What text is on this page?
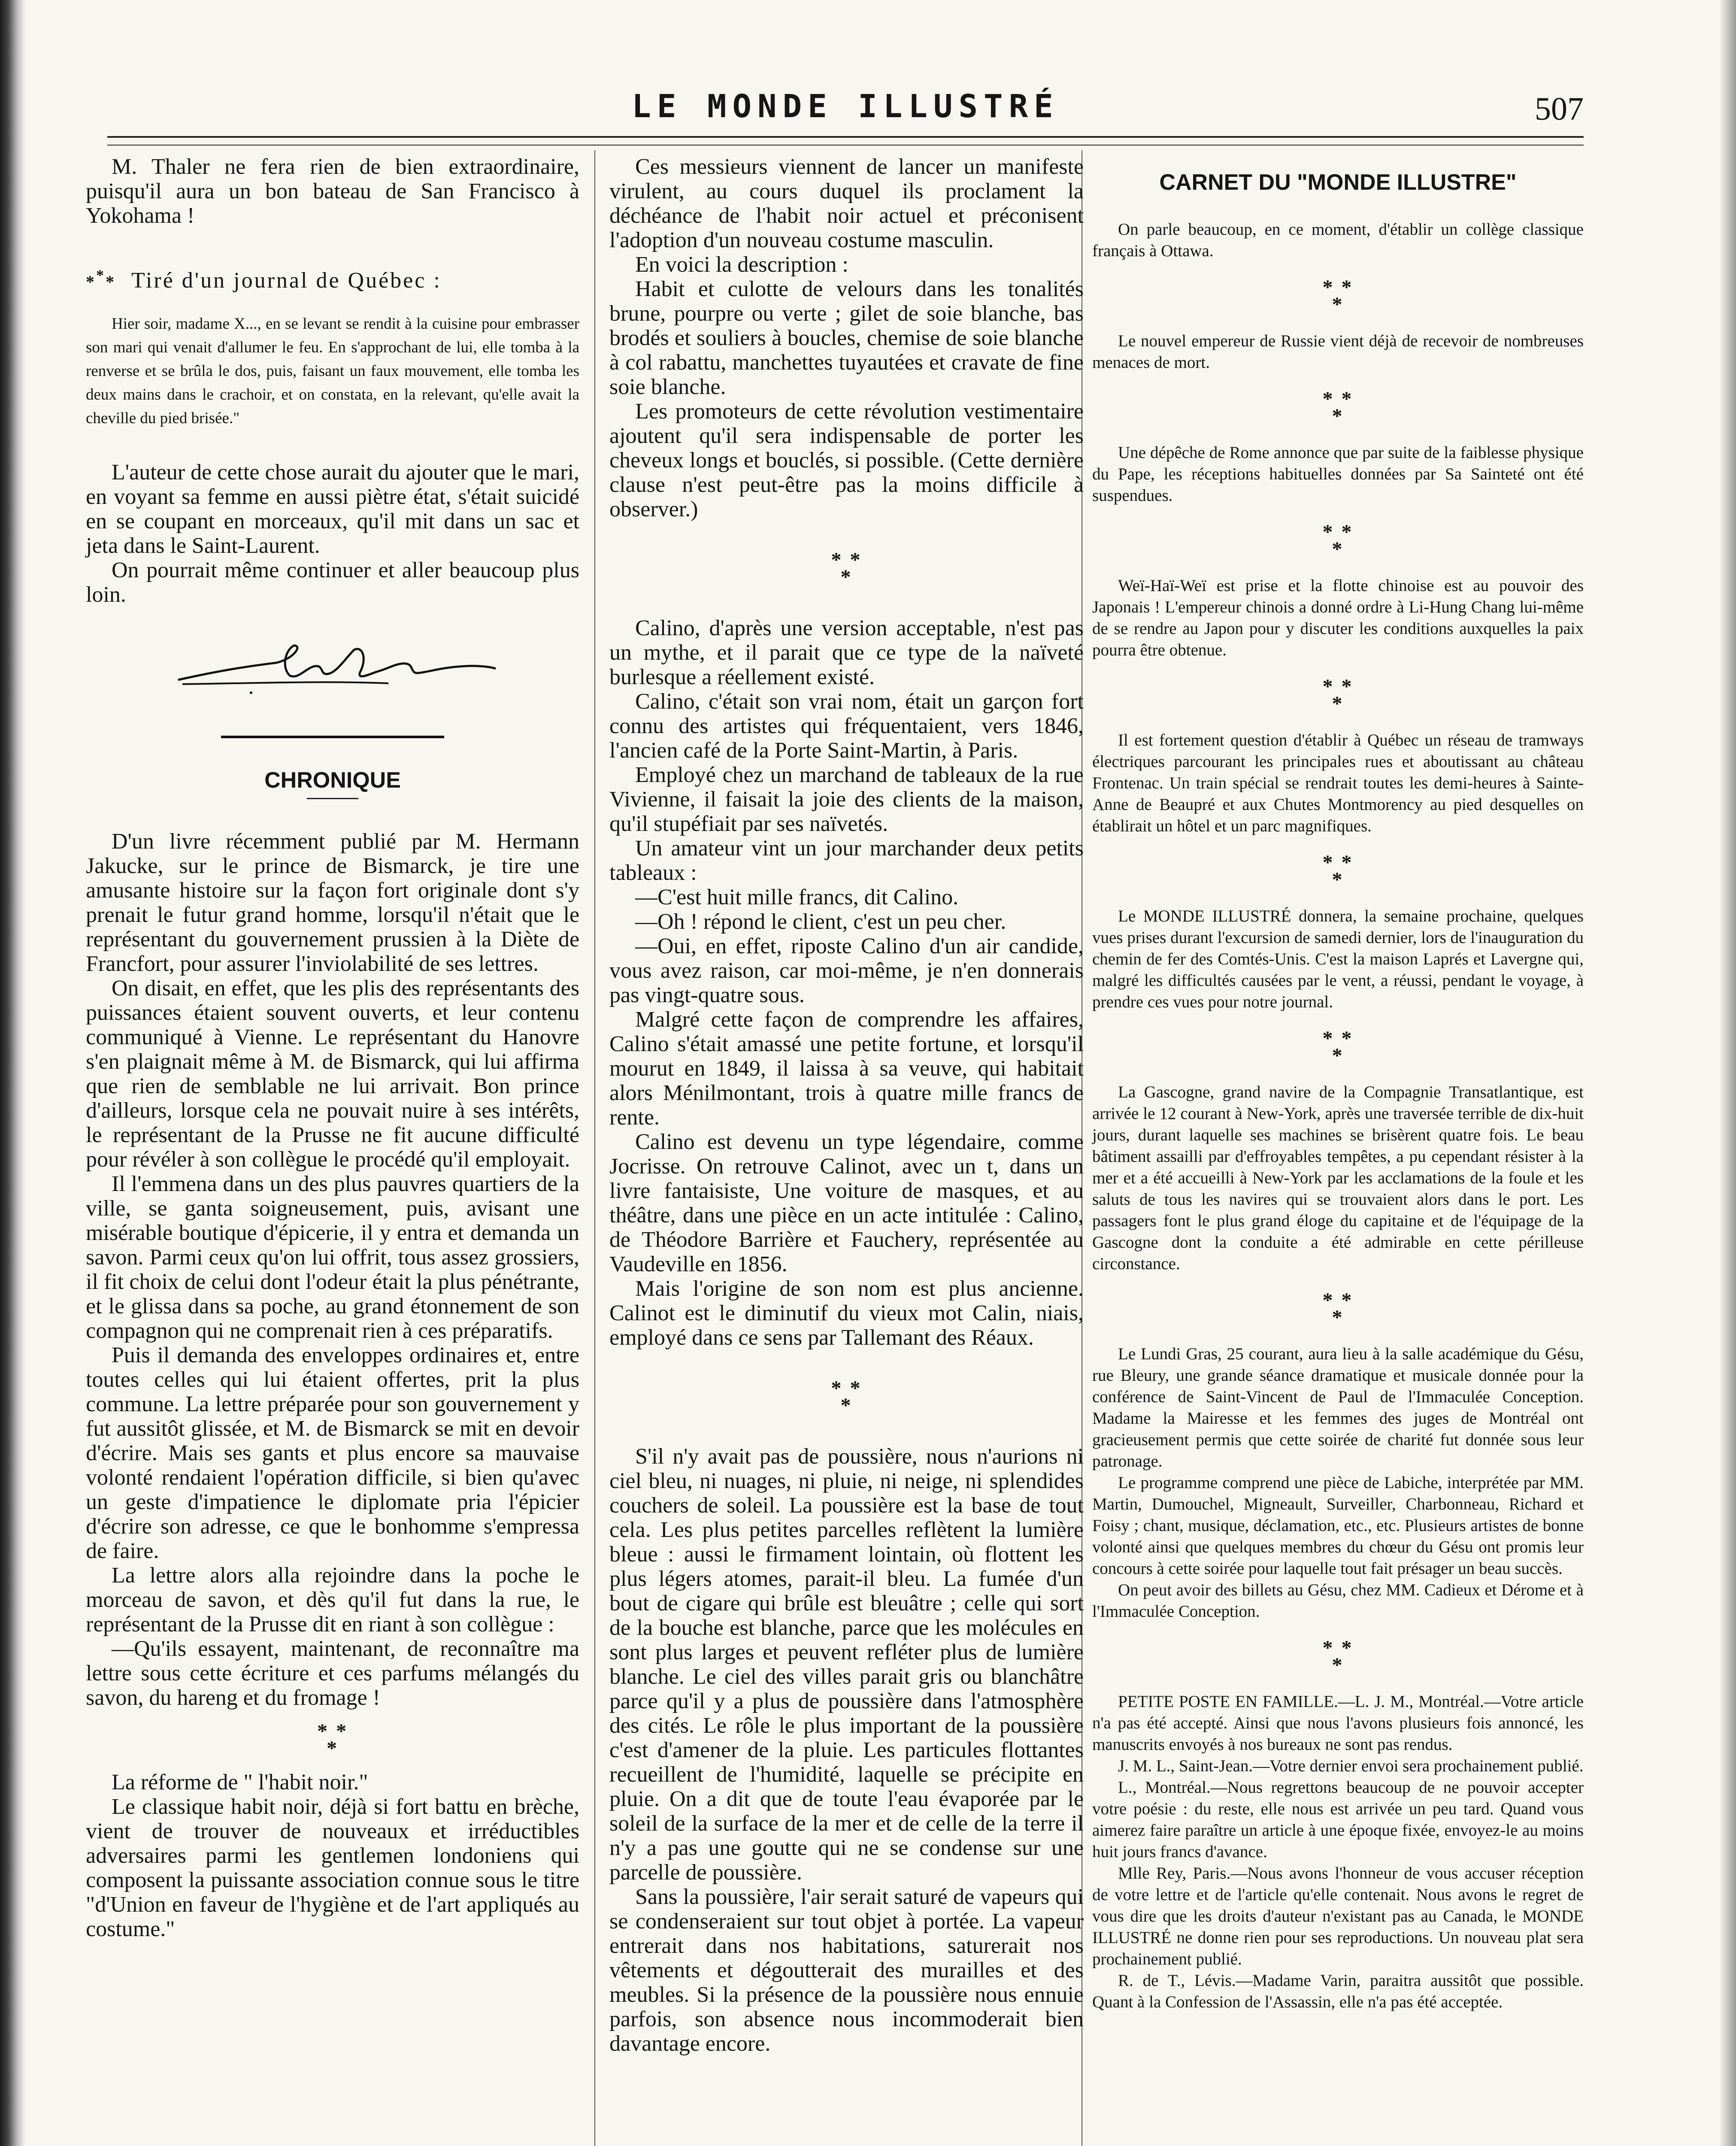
LE MONDE ILLUSTRÉ	507

M. Thaler ne fera rien de bien extraordinaire, puisqu'il aura un bon bateau de San Francisco à Yokohama !

*** Tiré d'un journal de Québec :

Hier soir, madame X..., en se levant se rendit à la cuisine pour embrasser son mari qui venait d'allumer le feu. En s'approchant de lui, elle tomba à la renverse et se brûla le dos, puis, faisant un faux mouvement, elle tomba les deux mains dans le crachoir, et on constata, en la relevant, qu'elle avait la cheville du pied brisée."

L'auteur de cette chose aurait du ajouter que le mari, en voyant sa femme en aussi piètre état, s'était suicidé en se coupant en morceaux, qu'il mit dans un sac et jeta dans le Saint-Laurent.

On pourrait même continuer et aller beaucoup plus loin.

CHRONIQUE

D'un livre récemment publié par M. Hermann Jakucke, sur le prince de Bismarck, je tire une amusante histoire sur la façon fort originale dont s'y prenait le futur grand homme, lorsqu'il n'était que le représentant du gouvernement prussien à la Diète de Francfort, pour assurer l'inviolabilité de ses lettres.

On disait, en effet, que les plis des représentants des puissances étaient souvent ouverts, et leur contenu communiqué à Vienne. Le représentant du Hanovre s'en plaignait même à M. de Bismarck, qui lui affirma que rien de semblable ne lui arrivait. Bon prince d'ailleurs, lorsque cela ne pouvait nuire à ses intérêts, le représentant de la Prusse ne fit aucune difficulté pour révéler à son collègue le procédé qu'il employait.

Il l'emmena dans un des plus pauvres quartiers de la ville, se ganta soigneusement, puis, avisant une misérable boutique d'épicerie, il y entra et demanda un savon. Parmi ceux qu'on lui offrit, tous assez grossiers, il fit choix de celui dont l'odeur était la plus pénétrante, et le glissa dans sa poche, au grand étonnement de son compagnon qui ne comprenait rien à ces préparatifs.

Puis il demanda des enveloppes ordinaires et, entre toutes celles qui lui étaient offertes, prit la plus commune. La lettre préparée pour son gouvernement y fut aussitôt glissée, et M. de Bismarck se mit en devoir d'écrire. Mais ses gants et plus encore sa mauvaise volonté rendaient l'opération difficile, si bien qu'avec un geste d'impatience le diplomate pria l'épicier d'écrire son adresse, ce que le bonhomme s'empressa de faire.

La lettre alors alla rejoindre dans la poche le morceau de savon, et dès qu'il fut dans la rue, le représentant de la Prusse dit en riant à son collègue :

—Qu'ils essayent, maintenant, de reconnaître ma lettre sous cette écriture et ces parfums mélangés du savon, du hareng et du fromage !

* *
*

La réforme de " l'habit noir."

Le classique habit noir, déjà si fort battu en brèche, vient de trouver de nouveaux et irréductibles adversaires parmi les gentlemen londoniens qui composent la puissante association connue sous le titre "d'Union en faveur de l'hygiène et de l'art appliqués au costume."

Ces messieurs viennent de lancer un manifeste virulent, au cours duquel ils proclament la déchéance de l'habit noir actuel et préconisent l'adoption d'un nouveau costume masculin.

En voici la description :

Habit et culotte de velours dans les tonalités brune, pourpre ou verte ; gilet de soie blanche, bas brodés et souliers à boucles, chemise de soie blanche à col rabattu, manchettes tuyautées et cravate de fine soie blanche.

Les promoteurs de cette révolution vestimentaire ajoutent qu'il sera indispensable de porter les cheveux longs et bouclés, si possible. (Cette dernière clause n'est peut-être pas la moins difficile à observer.)

* *
*

Calino, d'après une version acceptable, n'est pas un mythe, et il parait que ce type de la naïveté burlesque a réellement existé.

Calino, c'était son vrai nom, était un garçon fort connu des artistes qui fréquentaient, vers 1846, l'ancien café de la Porte Saint-Martin, à Paris.

Employé chez un marchand de tableaux de la rue Vivienne, il faisait la joie des clients de la maison, qu'il stupéfiait par ses naïvetés.

Un amateur vint un jour marchander deux petits tableaux :

—C'est huit mille francs, dit Calino.

—Oh ! répond le client, c'est un peu cher.

—Oui, en effet, riposte Calino d'un air candide, vous avez raison, car moi-même, je n'en donnerais pas vingt-quatre sous.

Malgré cette façon de comprendre les affaires, Calino s'était amassé une petite fortune, et lorsqu'il mourut en 1849, il laissa à sa veuve, qui habitait alors Ménilmontant, trois à quatre mille francs de rente.

Calino est devenu un type légendaire, comme Jocrisse. On retrouve Calinot, avec un t, dans un livre fantaisiste, Une voiture de masques, et au théâtre, dans une pièce en un acte intitulée : Calino, de Théodore Barrière et Fauchery, représentée au Vaudeville en 1856.

Mais l'origine de son nom est plus ancienne. Calinot est le diminutif du vieux mot Calin, niais, employé dans ce sens par Tallemant des Réaux.

* *
*

S'il n'y avait pas de poussière, nous n'aurions ni ciel bleu, ni nuages, ni pluie, ni neige, ni splendides couchers de soleil. La poussière est la base de tout cela. Les plus petites parcelles reflètent la lumière bleue : aussi le firmament lointain, où flottent les plus légers atomes, parait-il bleu. La fumée d'un bout de cigare qui brûle est bleuâtre ; celle qui sort de la bouche est blanche, parce que les molécules en sont plus larges et peuvent refléter plus de lumière blanche. Le ciel des villes parait gris ou blanchâtre parce qu'il y a plus de poussière dans l'atmosphère des cités. Le rôle le plus important de la poussière c'est d'amener de la pluie. Les particules flottantes recueillent de l'humidité, laquelle se précipite en pluie. On a dit que de toute l'eau évaporée par le soleil de la surface de la mer et de celle de la terre il n'y a pas une goutte qui ne se condense sur une parcelle de poussière.

Sans la poussière, l'air serait saturé de vapeurs qui se condenseraient sur tout objet à portée. La vapeur entrerait dans nos habitations, saturerait nos vêtements et dégoutterait des murailles et des meubles. Si la présence de la poussière nous ennuie parfois, son absence nous incommoderait bien davantage encore.

CARNET DU "MONDE ILLUSTRE"

On parle beaucoup, en ce moment, d'établir un collège classique français à Ottawa.

* *
*

Le nouvel empereur de Russie vient déjà de recevoir de nombreuses menaces de mort.

* *
*

Une dépêche de Rome annonce que par suite de la faiblesse physique du Pape, les réceptions habituelles données par Sa Sainteté ont été suspendues.

* *
*

Weï-Haï-Weï est prise et la flotte chinoise est au pouvoir des Japonais ! L'empereur chinois a donné ordre à Li-Hung Chang lui-même de se rendre au Japon pour y discuter les conditions auxquelles la paix pourra être obtenue.

* *
*

Il est fortement question d'établir à Québec un réseau de tramways électriques parcourant les principales rues et aboutissant au château Frontenac. Un train spécial se rendrait toutes les demi-heures à Sainte-Anne de Beaupré et aux Chutes Montmorency au pied desquelles on établirait un hôtel et un parc magnifiques.

* *
*

Le MONDE ILLUSTRÉ donnera, la semaine prochaine, quelques vues prises durant l'excursion de samedi dernier, lors de l'inauguration du chemin de fer des Comtés-Unis. C'est la maison Laprés et Lavergne qui, malgré les difficultés causées par le vent, a réussi, pendant le voyage, à prendre ces vues pour notre journal.

* *
*

La Gascogne, grand navire de la Compagnie Transatlantique, est arrivée le 12 courant à New-York, après une traversée terrible de dix-huit jours, durant laquelle ses machines se brisèrent quatre fois. Le beau bâtiment assailli par d'effroyables tempêtes, a pu cependant résister à la mer et a été accueilli à New-York par les acclamations de la foule et les saluts de tous les navires qui se trouvaient alors dans le port. Les passagers font le plus grand éloge du capitaine et de l'équipage de la Gascogne dont la conduite a été admirable en cette périlleuse circonstance.

* *
*

Le Lundi Gras, 25 courant, aura lieu à la salle académique du Gésu, rue Bleury, une grande séance dramatique et musicale donnée pour la conférence de Saint-Vincent de Paul de l'Immaculée Conception. Madame la Mairesse et les femmes des juges de Montréal ont gracieusement permis que cette soirée de charité fut donnée sous leur patronage.

Le programme comprend une pièce de Labiche, interprétée par MM. Martin, Dumouchel, Migneault, Surveiller, Charbonneau, Richard et Foisy ; chant, musique, déclamation, etc., etc. Plusieurs artistes de bonne volonté ainsi que quelques membres du chœur du Gésu ont promis leur concours à cette soirée pour laquelle tout fait présager un beau succès.

On peut avoir des billets au Gésu, chez MM. Cadieux et Dérome et à l'Immaculée Conception.

* *
*

PETITE POSTE EN FAMILLE.—L. J. M., Montréal.—Votre article n'a pas été accepté. Ainsi que nous l'avons plusieurs fois annoncé, les manuscrits envoyés à nos bureaux ne sont pas rendus.

J. M. L., Saint-Jean.—Votre dernier envoi sera prochainement publié.

L., Montréal.—Nous regrettons beaucoup de ne pouvoir accepter votre poésie : du reste, elle nous est arrivée un peu tard. Quand vous aimerez faire paraître un article à une époque fixée, envoyez-le au moins huit jours francs d'avance.

Mlle Rey, Paris.—Nous avons l'honneur de vous accuser réception de votre lettre et de l'article qu'elle contenait. Nous avons le regret de vous dire que les droits d'auteur n'existant pas au Canada, le MONDE ILLUSTRÉ ne donne rien pour ses reproductions. Un nouveau plat sera prochainement publié.

R. de T., Lévis.—Madame Varin, paraitra aussitôt que possible. Quant à la Confession de l'Assassin, elle n'a pas été acceptée.
